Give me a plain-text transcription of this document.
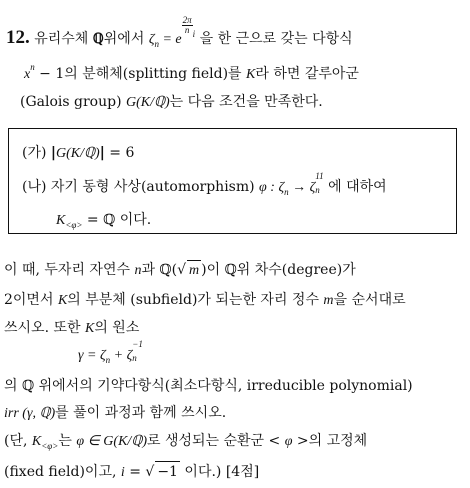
12. 유리수체 ℚ위에서 $\zeta_n = e$
$\frac{2\pi}{n} ^i$ 을 한 근으로 갖는 다항식
$x^n - 1$의 분해체(splitting field)를 K라 하면 갈루아군
(Galois group) G(K/ℚ)는 다음 조건을 만족한다.
(가) |G(K/ℚ)| = 6
(나) 자기 동형 사상(automorphism) φ : $\zeta_n \to \zeta$
11
n 에 대하여
$K_{<\varphi>}$ = ℚ 이다.
이 때, 두자리 자연수 n과 ℚ(√ m )이 ℚ위 차수(degree)가
2이면서 K의 부분체 (subfield)가 되는한 자리 정수 m을 순서대로
쓰시오. 또한 K의 원소
$\gamma = \zeta_n + \zeta$
−1
n
의 ℚ 위에서의 기약다항식(최소다항식, irreducible polynomial)
irr (γ, ℚ)를 풀이 과정과 함께 쓰시오.
(단, $K_{<\varphi>}$는 φ ∈ G(K/ℚ)로 생성되는 순환군 < φ >의 고정체
(fixed field)이고, i = √ −1 이다.) [4점]
